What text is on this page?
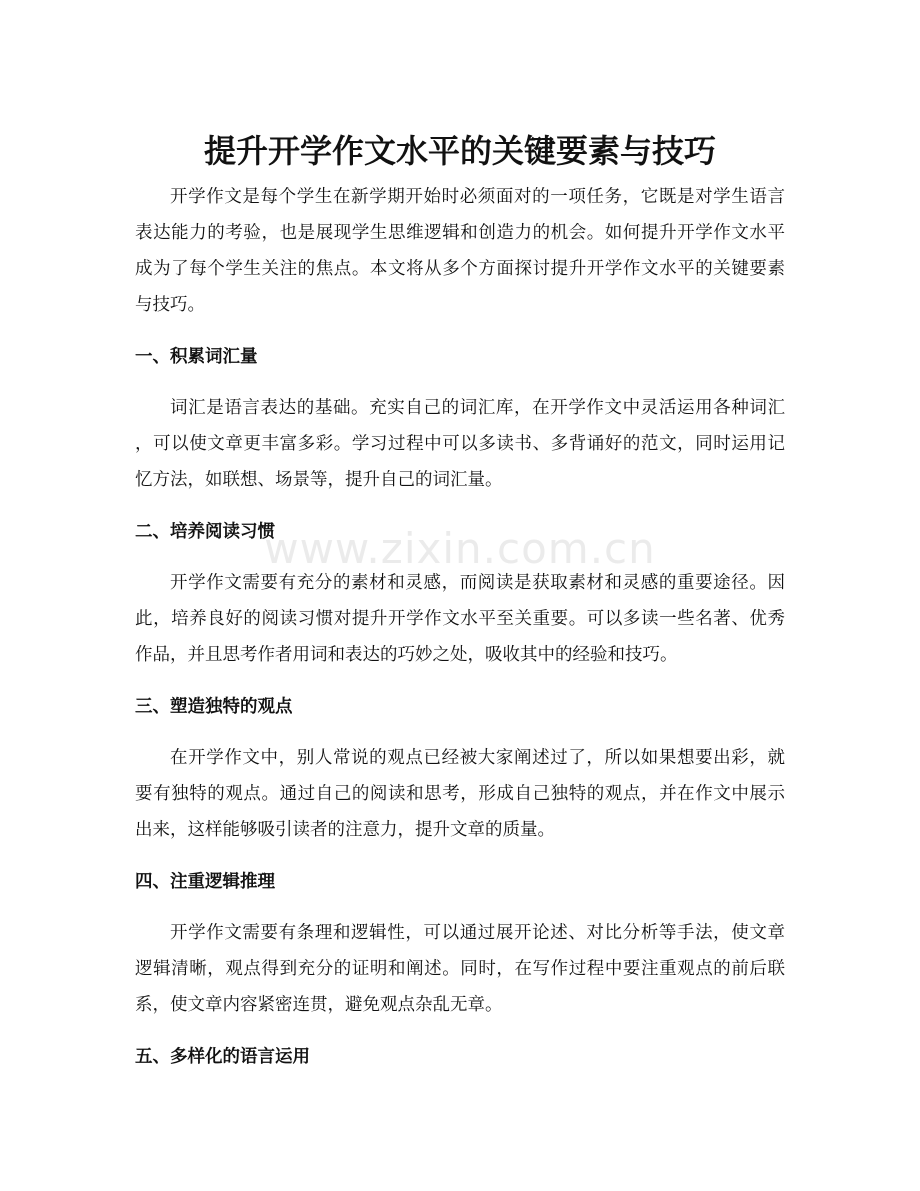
www.zixin.com.cn
提升开学作文水平的关键要素与技巧
开学作文是每个学生在新学期开始时必须面对的一项任务，它既是对学生语言
表达能力的考验，也是展现学生思维逻辑和创造力的机会。如何提升开学作文水平
成为了每个学生关注的焦点。本文将从多个方面探讨提升开学作文水平的关键要素
与技巧。
一、积累词汇量
词汇是语言表达的基础。充实自己的词汇库，在开学作文中灵活运用各种词汇
，可以使文章更丰富多彩。学习过程中可以多读书、多背诵好的范文，同时运用记
忆方法，如联想、场景等，提升自己的词汇量。
二、培养阅读习惯
开学作文需要有充分的素材和灵感，而阅读是获取素材和灵感的重要途径。因
此，培养良好的阅读习惯对提升开学作文水平至关重要。可以多读一些名著、优秀
作品，并且思考作者用词和表达的巧妙之处，吸收其中的经验和技巧。
三、塑造独特的观点
在开学作文中，别人常说的观点已经被大家阐述过了，所以如果想要出彩，就
要有独特的观点。通过自己的阅读和思考，形成自己独特的观点，并在作文中展示
出来，这样能够吸引读者的注意力，提升文章的质量。
四、注重逻辑推理
开学作文需要有条理和逻辑性，可以通过展开论述、对比分析等手法，使文章
逻辑清晰，观点得到充分的证明和阐述。同时，在写作过程中要注重观点的前后联
系，使文章内容紧密连贯，避免观点杂乱无章。
五、多样化的语言运用
